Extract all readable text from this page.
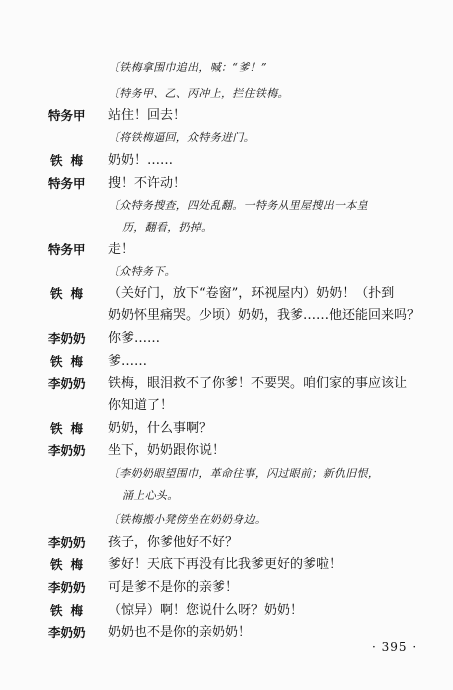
〔铁梅拿围巾追出，喊：“爹！”
〔特务甲、乙、丙冲上，拦住铁梅。
特务甲	站住！回去！
〔将铁梅逼回，众特务进门。
铁梅	奶奶！……
特务甲	搜！不许动！
〔众特务搜查，四处乱翻。一特务从里屋搜出一本皇
历，翻看，扔掉。
特务甲	走！
〔众特务下。
铁梅	（关好门，放下“卷窗”，环视屋内）奶奶！（扑到
奶奶怀里痛哭。少顷）奶奶，我爹……他还能回来吗？
李奶奶	你爹……
铁梅	爹……
李奶奶	铁梅，眼泪救不了你爹！不要哭。咱们家的事应该让
你知道了！
铁梅	奶奶，什么事啊？
李奶奶	坐下，奶奶跟你说！
〔李奶奶眼望围巾，革命往事，闪过眼前；新仇旧恨，
涌上心头。
〔铁梅搬小凳傍坐在奶奶身边。
李奶奶	孩子，你爹他好不好？
铁梅	爹好！天底下再没有比我爹更好的爹啦！
李奶奶	可是爹不是你的亲爹！
铁梅	（惊异）啊！您说什么呀？奶奶！
李奶奶	奶奶也不是你的亲奶奶！
· 395 ·
